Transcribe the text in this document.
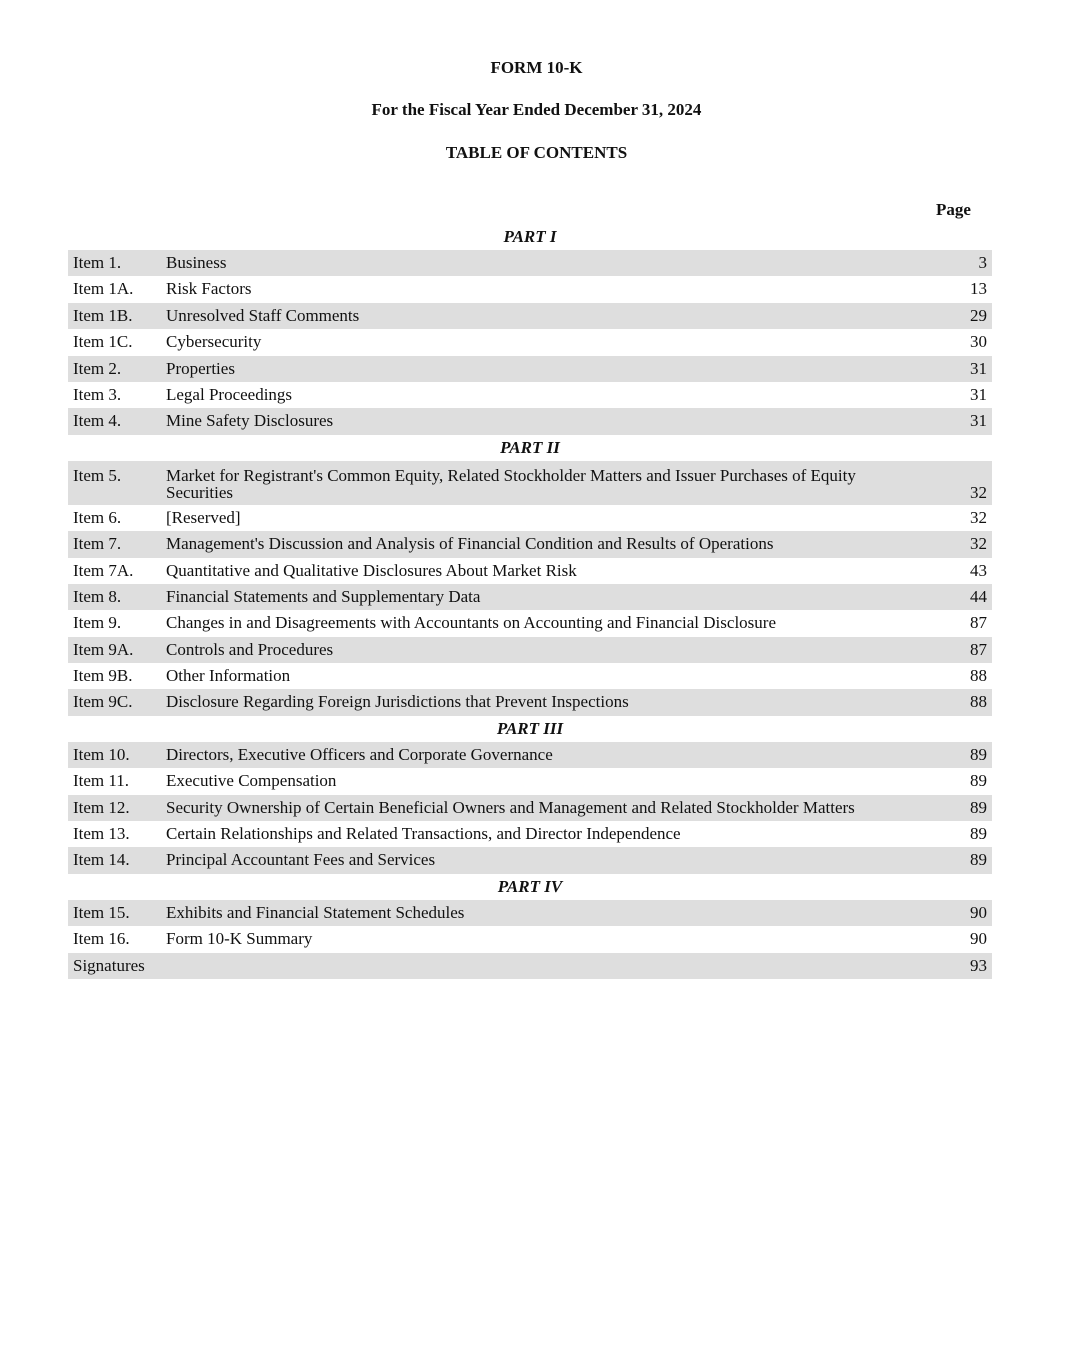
FORM 10-K
For the Fiscal Year Ended December 31, 2024
TABLE OF CONTENTS
Page
PART I
Item 1.	Business	3
Item 1A. Risk Factors	13
Item 1B. Unresolved Staff Comments	29
Item 1C. Cybersecurity	30
Item 2.	Properties	31
Item 3.	Legal Proceedings	31
Item 4.	Mine Safety Disclosures	31
PART II
Item 5.	Market for Registrant's Common Equity, Related Stockholder Matters and Issuer Purchases of Equity Securities	32
Item 6.	[Reserved]	32
Item 7.	Management's Discussion and Analysis of Financial Condition and Results of Operations	32
Item 7A. Quantitative and Qualitative Disclosures About Market Risk	43
Item 8.	Financial Statements and Supplementary Data	44
Item 9.	Changes in and Disagreements with Accountants on Accounting and Financial Disclosure	87
Item 9A. Controls and Procedures	87
Item 9B. Other Information	88
Item 9C. Disclosure Regarding Foreign Jurisdictions that Prevent Inspections	88
PART III
Item 10. Directors, Executive Officers and Corporate Governance	89
Item 11. Executive Compensation	89
Item 12. Security Ownership of Certain Beneficial Owners and Management and Related Stockholder Matters	89
Item 13. Certain Relationships and Related Transactions, and Director Independence	89
Item 14. Principal Accountant Fees and Services	89
PART IV
Item 15. Exhibits and Financial Statement Schedules	90
Item 16. Form 10-K Summary	90
Signatures	93
